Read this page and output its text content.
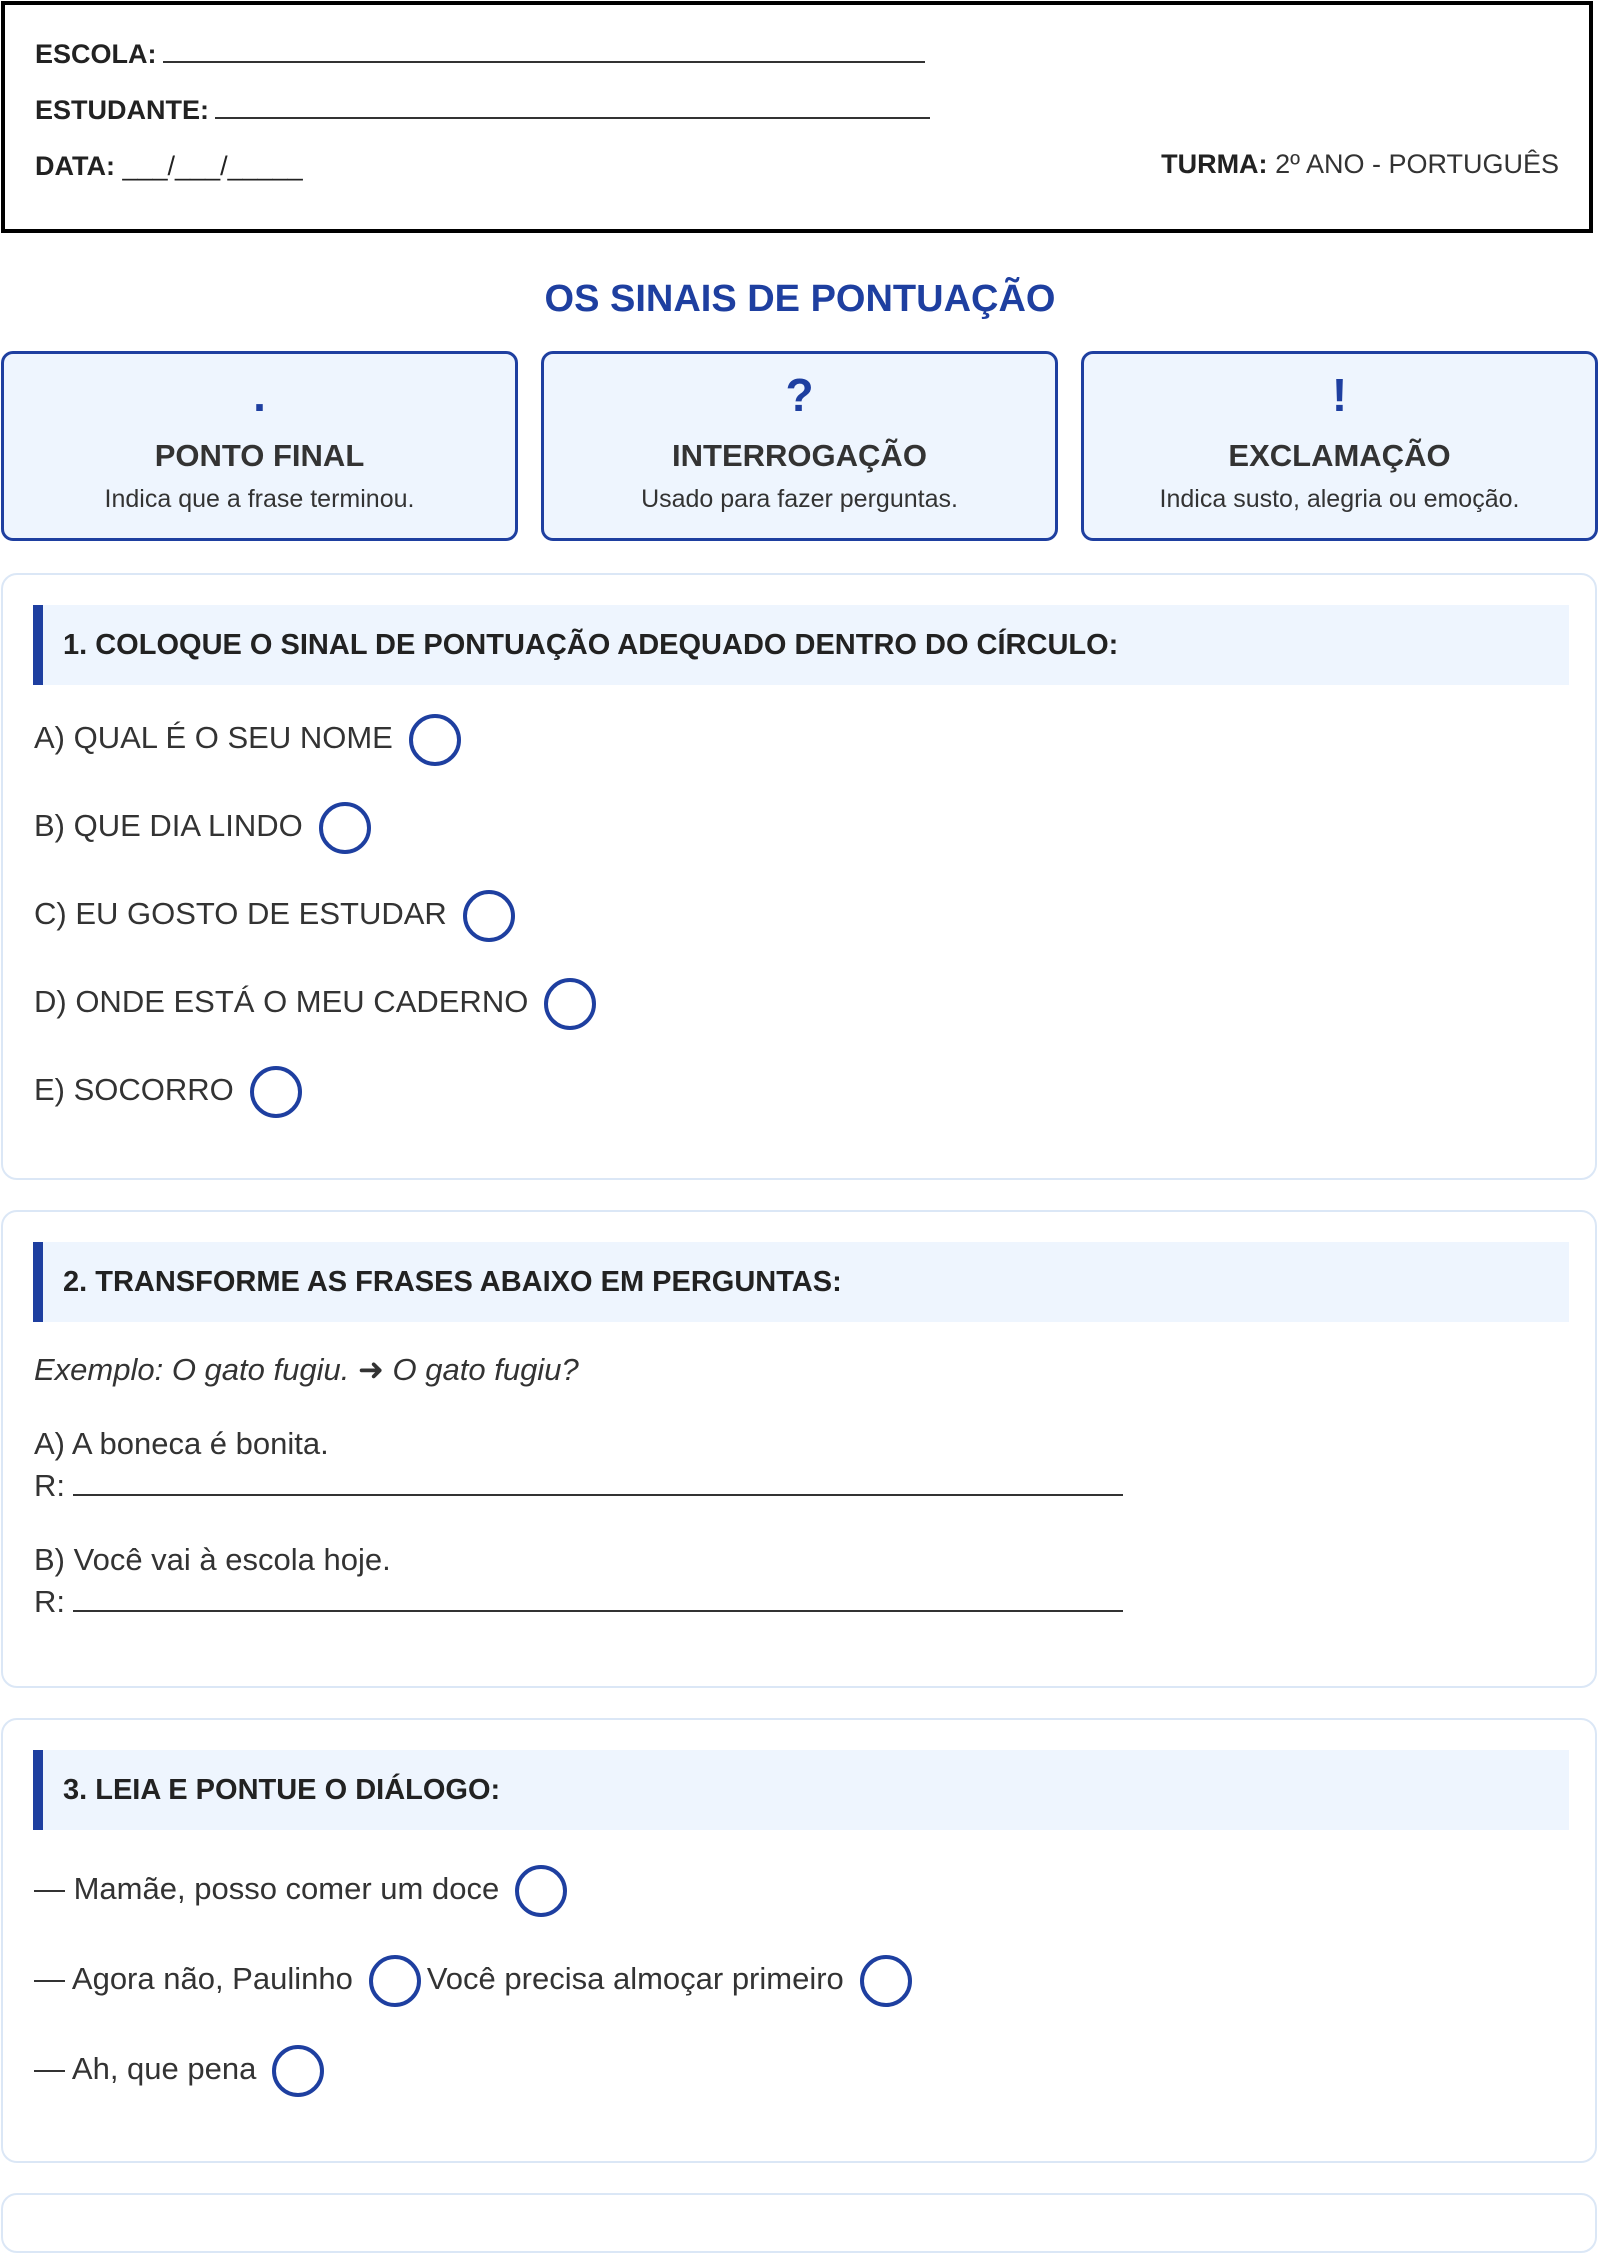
ESCOLA:
ESTUDANTE:
DATA: ___/___/_____	TURMA: 2º ANO - PORTUGUÊS
OS SINAIS DE PONTUAÇÃO
.
PONTO FINAL
Indica que a frase terminou.
?
INTERROGAÇÃO
Usado para fazer perguntas.
!
EXCLAMAÇÃO
Indica susto, alegria ou emoção.
1. COLOQUE O SINAL DE PONTUAÇÃO ADEQUADO DENTRO DO CÍRCULO:
A) QUAL É O SEU NOME
B) QUE DIA LINDO
C) EU GOSTO DE ESTUDAR
D) ONDE ESTÁ O MEU CADERNO
E) SOCORRO
2. TRANSFORME AS FRASES ABAIXO EM PERGUNTAS:
Exemplo: O gato fugiu. ➜ O gato fugiu?
A) A boneca é bonita.
R:
B) Você vai à escola hoje.
R:
3. LEIA E PONTUE O DIÁLOGO:
— Mamãe, posso comer um doce
— Agora não, Paulinho Você precisa almoçar primeiro
— Ah, que pena
